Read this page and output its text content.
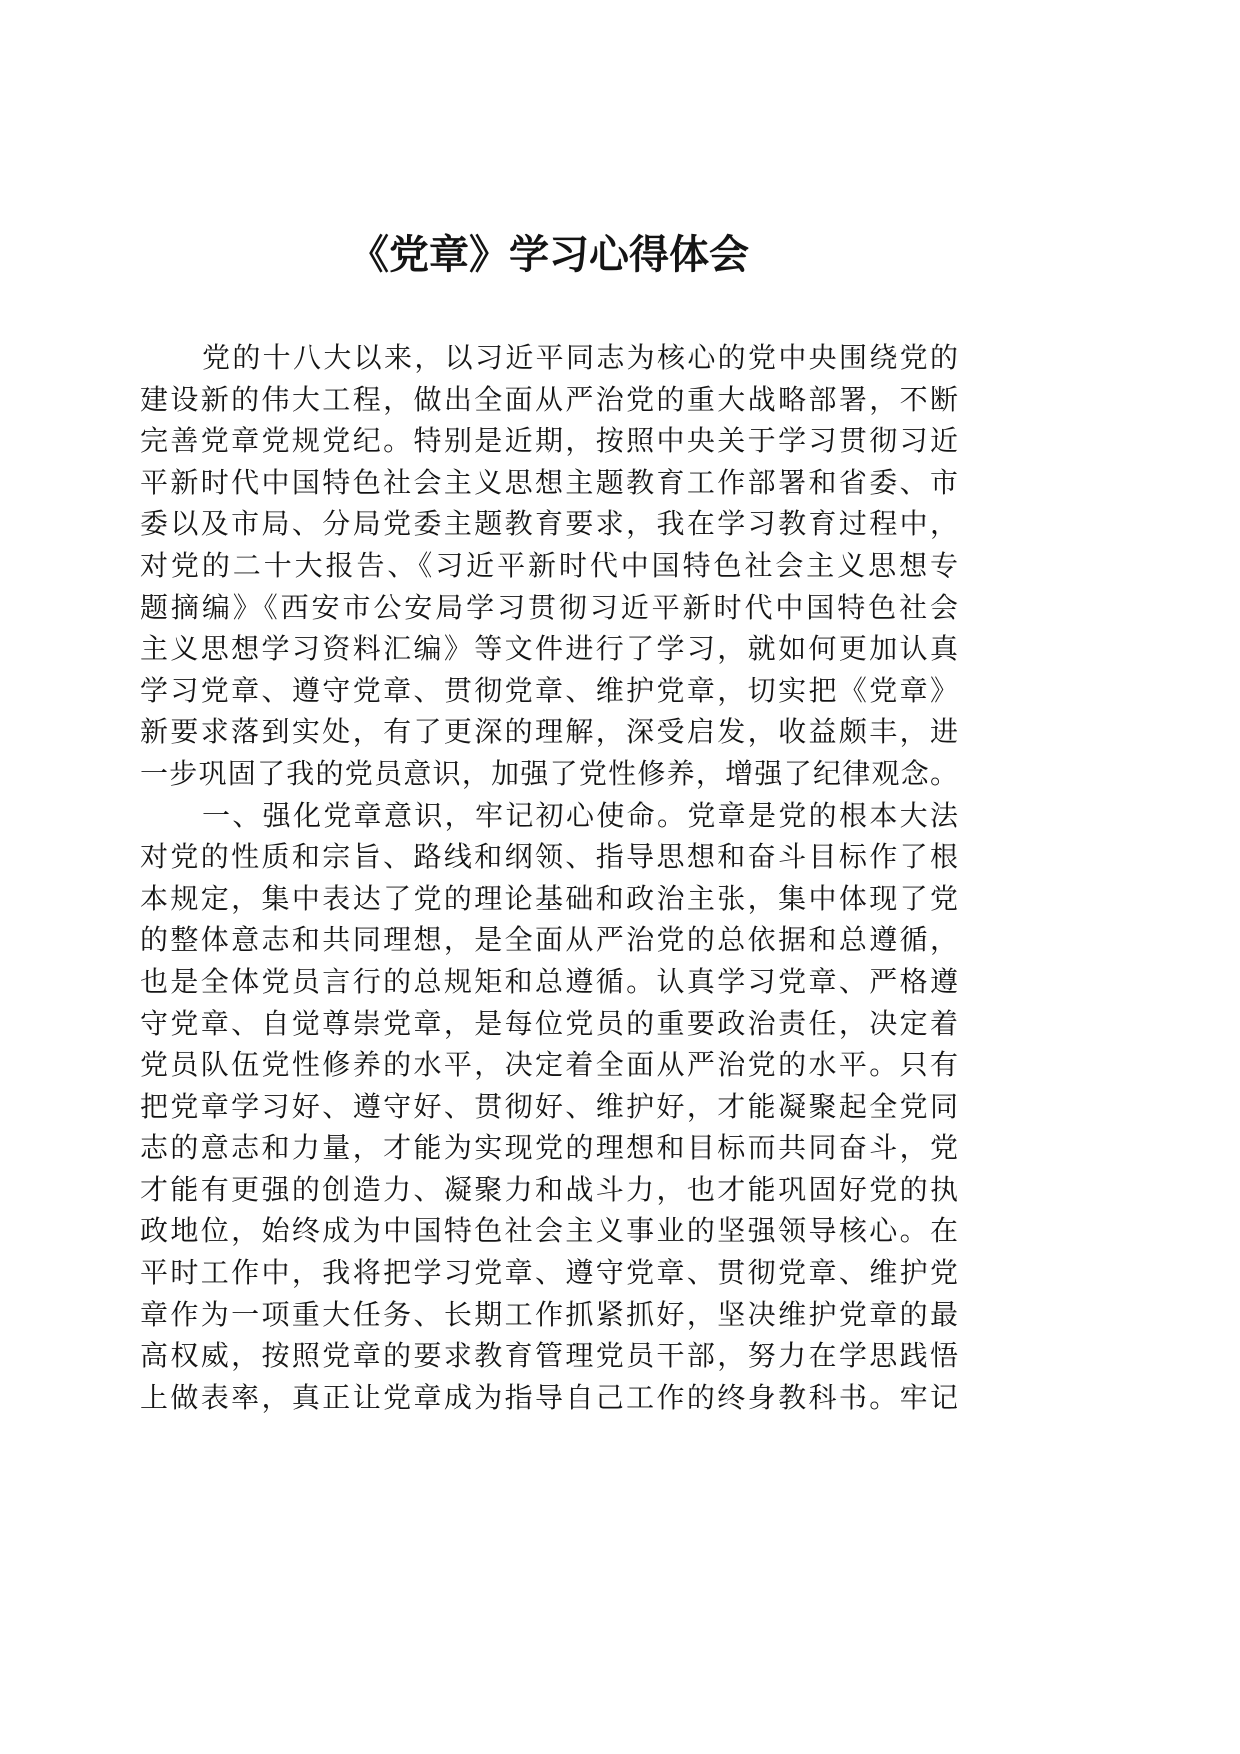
《党章》学习心得体会
党的十八大以来，以习近平同志为核心的党中央围绕党的
建设新的伟大工程，做出全面从严治党的重大战略部署，不断
完善党章党规党纪。特别是近期，按照中央关于学习贯彻习近
平新时代中国特色社会主义思想主题教育工作部署和省委、市
委以及市局、分局党委主题教育要求，我在学习教育过程中，
对党的二十大报告、《习近平新时代中国特色社会主义思想专
题摘编》《西安市公安局学习贯彻习近平新时代中国特色社会
主义思想学习资料汇编》等文件进行了学习，就如何更加认真
学习党章、遵守党章、贯彻党章、维护党章，切实把《党章》
新要求落到实处，有了更深的理解，深受启发，收益颇丰，进
一步巩固了我的党员意识，加强了党性修养，增强了纪律观念。
一、强化党章意识，牢记初心使命。党章是党的根本大法
对党的性质和宗旨、路线和纲领、指导思想和奋斗目标作了根
本规定，集中表达了党的理论基础和政治主张，集中体现了党
的整体意志和共同理想，是全面从严治党的总依据和总遵循，
也是全体党员言行的总规矩和总遵循。认真学习党章、严格遵
守党章、自觉尊崇党章，是每位党员的重要政治责任，决定着
党员队伍党性修养的水平，决定着全面从严治党的水平。只有
把党章学习好、遵守好、贯彻好、维护好，才能凝聚起全党同
志的意志和力量，才能为实现党的理想和目标而共同奋斗，党
才能有更强的创造力、凝聚力和战斗力，也才能巩固好党的执
政地位，始终成为中国特色社会主义事业的坚强领导核心。在
平时工作中，我将把学习党章、遵守党章、贯彻党章、维护党
章作为一项重大任务、长期工作抓紧抓好，坚决维护党章的最
高权威，按照党章的要求教育管理党员干部，努力在学思践悟
上做表率，真正让党章成为指导自己工作的终身教科书。牢记
